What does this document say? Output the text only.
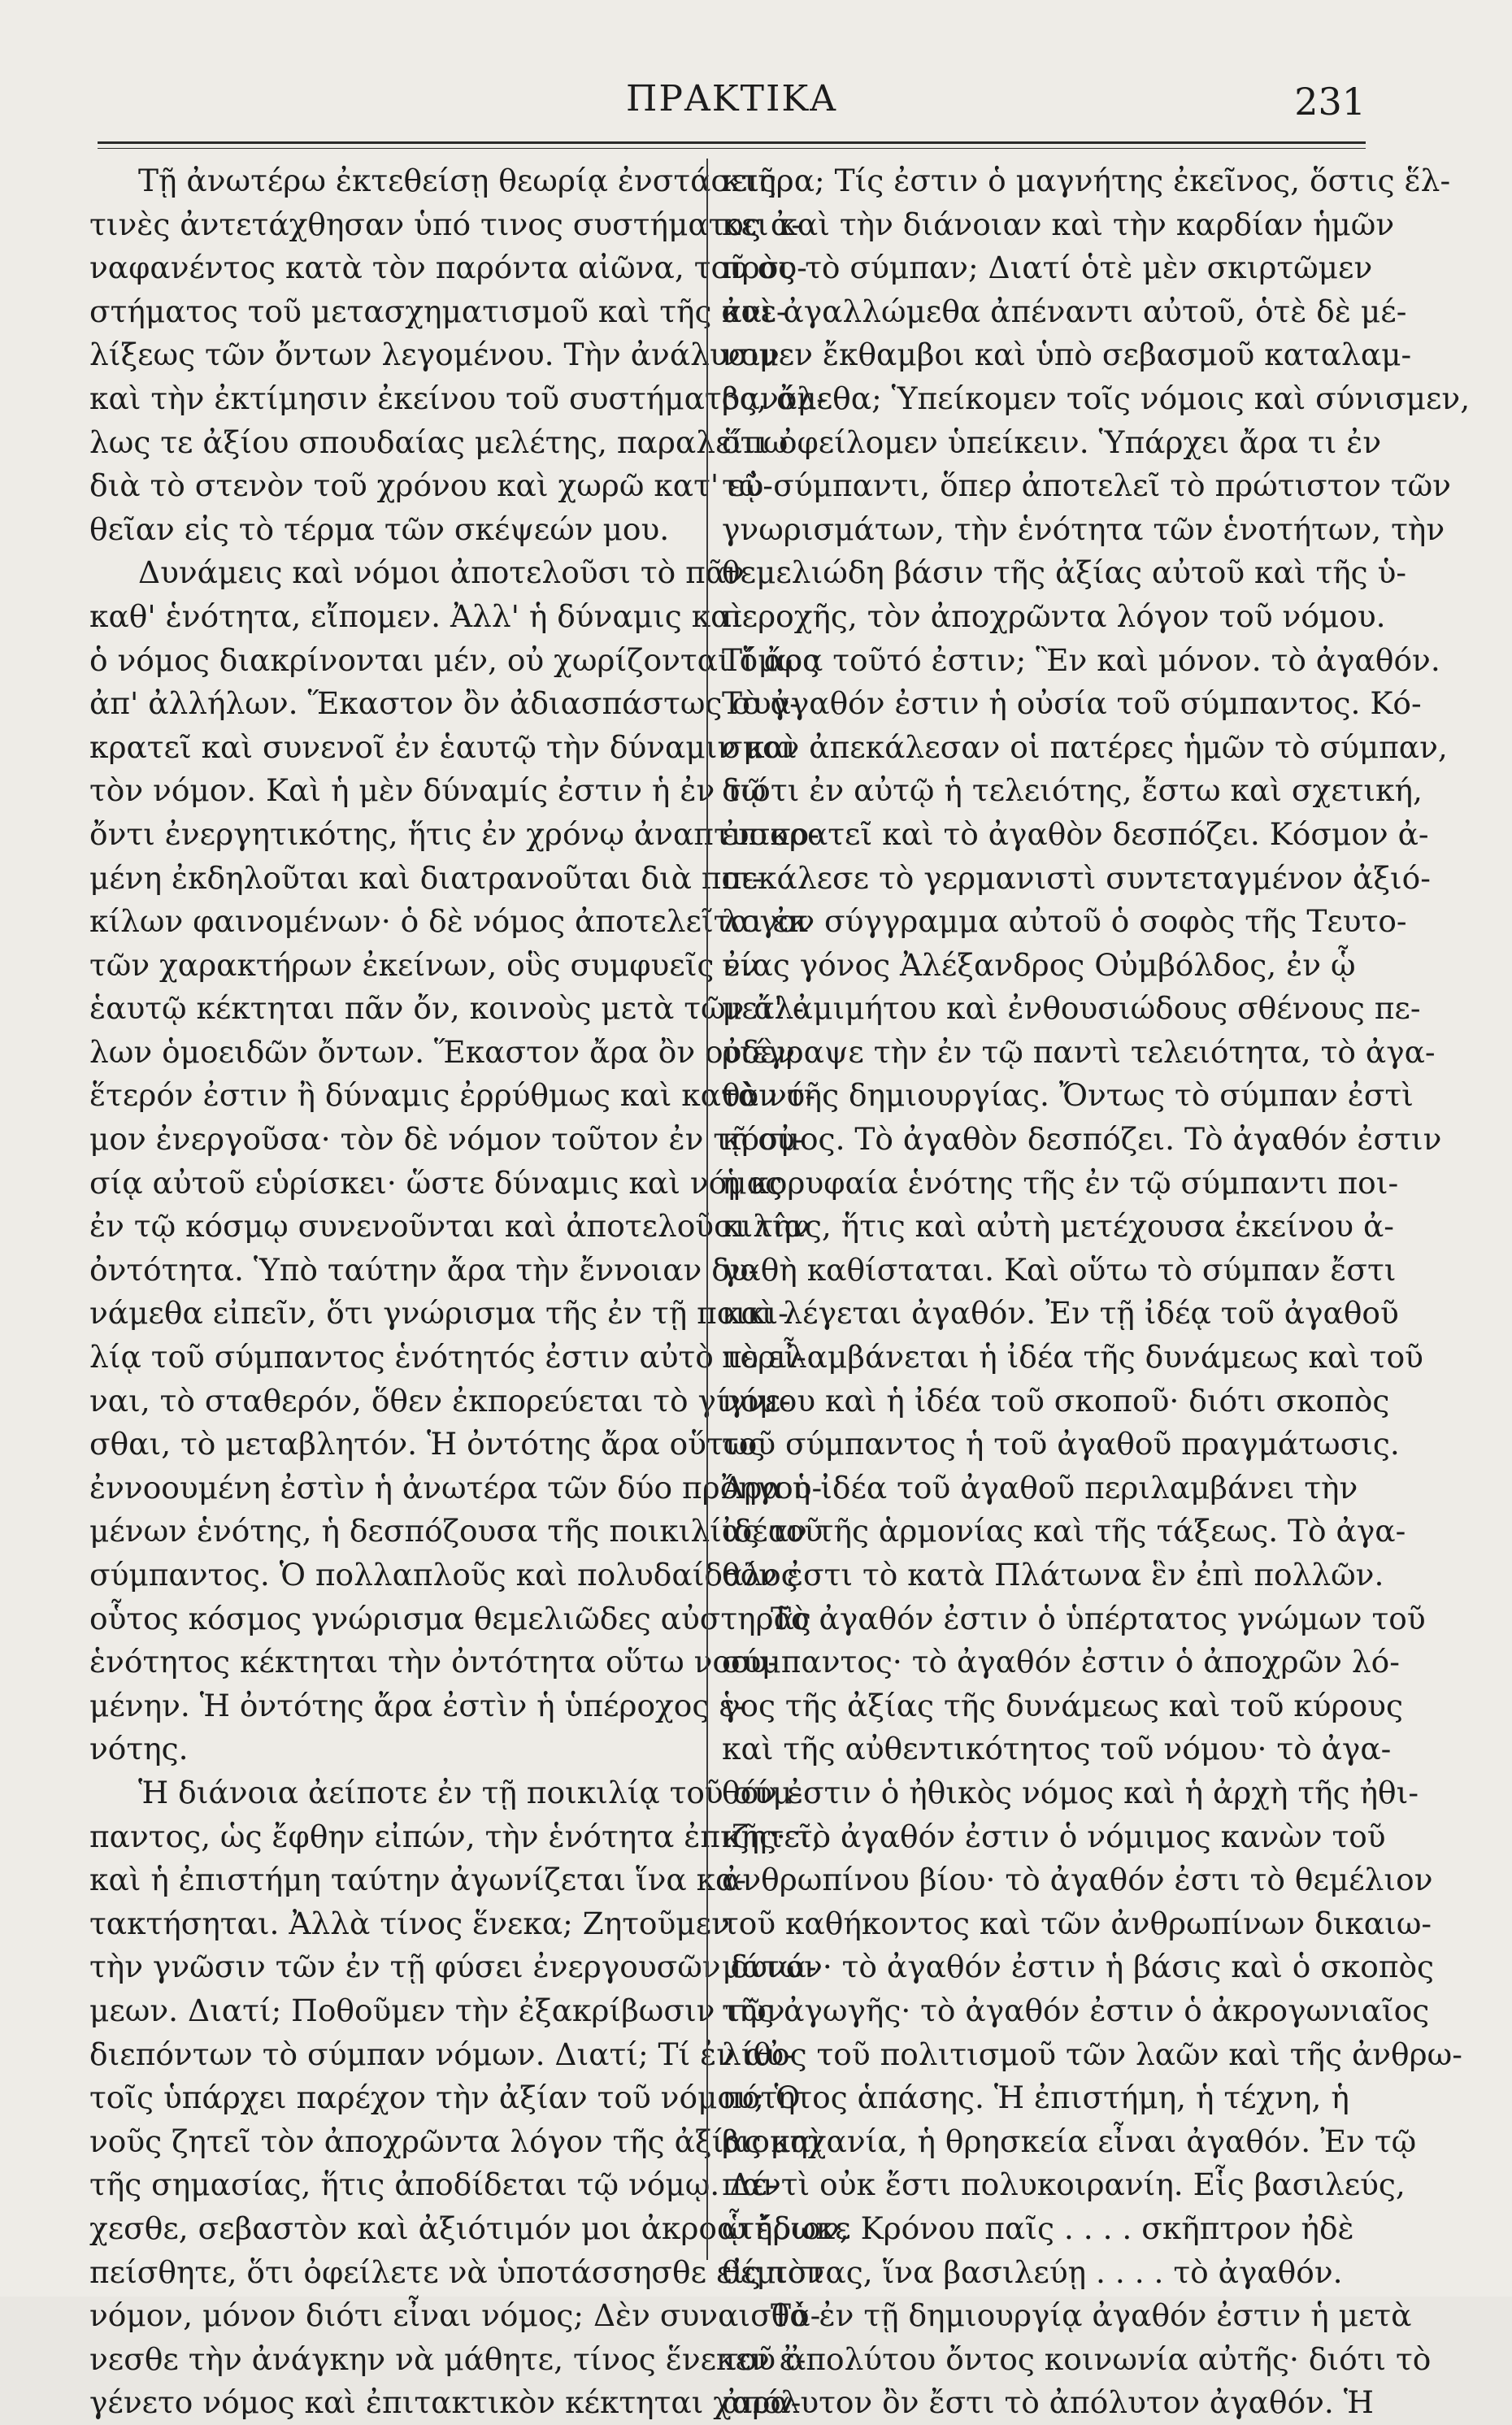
ΠΡΑΚΤΙΚΑ	231
Τῇ ἀνωτέρω ἐκτεθείσῃ θεωρίᾳ ἐνστάσεις
τινὲς ἀντετάχθησαν ὑπό τινος συστήματος ἀ-
ναφανέντος κατὰ τὸν παρόντα αἰῶνα, τοῦ συ-
στήματος τοῦ μετασχηματισμοῦ καὶ τῆς ἀνε-
λίξεως τῶν ὄντων λεγομένου. Τὴν ἀνάλυσιν
καὶ τὴν ἐκτίμησιν ἐκείνου τοῦ συστήματος, ἄλ-
λως τε ἀξίου σπουδαίας μελέτης, παραλείπω
διὰ τὸ στενὸν τοῦ χρόνου καὶ χωρῶ κατ' εὐ-
θεῖαν εἰς τὸ τέρμα τῶν σκέψεών μου.
Δυνάμεις καὶ νόμοι ἀποτελοῦσι τὸ πᾶν
καθ' ἑνότητα, εἴπομεν. Ἀλλ' ἡ δύναμις καὶ
ὁ νόμος διακρίνονται μέν, οὐ χωρίζονται ὅμως
ἀπ' ἀλλήλων. Ἕκαστον ὂν ἀδιασπάστως συγ-
κρατεῖ καὶ συνενοῖ ἐν ἑαυτῷ τὴν δύναμιν καὶ
τὸν νόμον. Καὶ ἡ μὲν δύναμίς ἐστιν ἡ ἐν τῷ
ὄντι ἐνεργητικότης, ἥτις ἐν χρόνῳ ἀναπτυσσο-
μένη ἐκδηλοῦται καὶ διατρανοῦται διὰ ποι-
κίλων φαινομένων· ὁ δὲ νόμος ἀποτελεῖται ἐκ
τῶν χαρακτήρων ἐκείνων, οὓς συμφυεῖς ἐν
ἑαυτῷ κέκτηται πᾶν ὄν, κοινοὺς μετὰ τῶν ἄλ-
λων ὁμοειδῶν ὄντων. Ἕκαστον ἄρα ὂν οὐδὲν
ἕτερόν ἐστιν ἢ δύναμις ἐρρύθμως καὶ κατὰ νό-
μον ἐνεργοῦσα· τὸν δὲ νόμον τοῦτον ἐν τῇ οὐ-
σίᾳ αὐτοῦ εὑρίσκει· ὥστε δύναμις καὶ νόμος
ἐν τῷ κόσμῳ συνενοῦνται καὶ ἀποτελοῦσι τὴν
ὀντότητα. Ὑπὸ ταύτην ἄρα τὴν ἔννοιαν δυ-
νάμεθα εἰπεῖν, ὅτι γνώρισμα τῆς ἐν τῇ ποικι-
λίᾳ τοῦ σύμπαντος ἑνότητός ἐστιν αὐτὸ τὸ εἶ-
ναι, τὸ σταθερόν, ὅθεν ἐκπορεύεται τὸ γίγνε-
σθαι, τὸ μεταβλητόν. Ἡ ὀντότης ἄρα οὕτως
ἐννοουμένη ἐστὶν ἡ ἀνωτέρα τῶν δύο προηγου-
μένων ἑνότης, ἡ δεσπόζουσα τῆς ποικιλίας τοῦ
σύμπαντος. Ὁ πολλαπλοῦς καὶ πολυδαίδαλος
οὗτος κόσμος γνώρισμα θεμελιῶδες αὐστηρᾶς
ἑνότητος κέκτηται τὴν ὀντότητα οὕτω νοου-
μένην. Ἡ ὀντότης ἄρα ἐστὶν ἡ ὑπέροχος ἑ-
νότης.
Ἡ διάνοια ἀείποτε ἐν τῇ ποικιλίᾳ τοῦ σύμ-
παντος, ὡς ἔφθην εἰπών, τὴν ἑνότητα ἐπιζητεῖ,
καὶ ἡ ἐπιστήμη ταύτην ἀγωνίζεται ἵνα κα-
τακτήσηται. Ἀλλὰ τίνος ἕνεκα; Ζητοῦμεν
τὴν γνῶσιν τῶν ἐν τῇ φύσει ἐνεργουσῶν δυνά-
μεων. Διατί; Ποθοῦμεν τὴν ἐξακρίβωσιν τῶν
διεπόντων τὸ σύμπαν νόμων. Διατί; Τί ἐν αὐ-
τοῖς ὑπάρχει παρέχον τὴν ἀξίαν τοῦ νόμου; Ὁ
νοῦς ζητεῖ τὸν ἀποχρῶντα λόγον τῆς ἀξίας καὶ
τῆς σημασίας, ἥτις ἀποδίδεται τῷ νόμῳ. Δέ-
χεσθε, σεβαστὸν καὶ ἀξιότιμόν μοι ἀκροατήριον,
πείσθητε, ὅτι ὀφείλετε νὰ ὑποτάσσησθε εἰς τὸν
νόμον, μόνον διότι εἶναι νόμος; Δὲν συναισθά-
νεσθε τὴν ἀνάγκην νὰ μάθητε, τίνος ἕνεκεν ἐ-
γένετο νόμος καὶ ἐπιτακτικὸν κέκτηται χαρα-
κτῆρα; Τίς ἐστιν ὁ μαγνήτης ἐκεῖνος, ὅστις ἕλ-
κει καὶ τὴν διάνοιαν καὶ τὴν καρδίαν ἡμῶν
πρὸς τὸ σύμπαν; Διατί ὁτὲ μὲν σκιρτῶμεν
καὶ ἀγαλλώμεθα ἀπέναντι αὐτοῦ, ὁτὲ δὲ μέ-
νομεν ἔκθαμβοι καὶ ὑπὸ σεβασμοῦ καταλαμ-
βανόμεθα; Ὑπείκομεν τοῖς νόμοις καὶ σύνισμεν,
ὅτι ὀφείλομεν ὑπείκειν. Ὑπάρχει ἄρα τι ἐν
τῷ σύμπαντι, ὅπερ ἀποτελεῖ τὸ πρώτιστον τῶν
γνωρισμάτων, τὴν ἑνότητα τῶν ἑνοτήτων, τὴν
θεμελιώδη βάσιν τῆς ἀξίας αὐτοῦ καὶ τῆς ὑ-
περοχῆς, τὸν ἀποχρῶντα λόγον τοῦ νόμου.
Τί ἄρα τοῦτό ἐστιν; Ἓν καὶ μόνον. τὸ ἀγαθόν.
Τὸ ἀγαθόν ἐστιν ἡ οὐσία τοῦ σύμπαντος. Κό-
σμον ἀπεκάλεσαν οἱ πατέρες ἡμῶν τὸ σύμπαν,
διότι ἐν αὐτῷ ἡ τελειότης, ἔστω καὶ σχετική,
ἐπικρατεῖ καὶ τὸ ἀγαθὸν δεσπόζει. Κόσμον ἀ-
πεκάλεσε τὸ γερμανιστὶ συντεταγμένον ἀξιό-
λογον σύγγραμμα αὐτοῦ ὁ σοφὸς τῆς Τευτο-
νίας γόνος Ἀλέξανδρος Οὐμβόλδος, ἐν ᾧ
μετ' ἀμιμήτου καὶ ἐνθουσιώδους σθένους πε-
ριέγραψε τὴν ἐν τῷ παντὶ τελειότητα, τὸ ἀγα-
θὸν τῆς δημιουργίας. Ὄντως τὸ σύμπαν ἐστὶ
κόσμος. Τὸ ἀγαθὸν δεσπόζει. Τὸ ἀγαθόν ἐστιν
ἡ κορυφαία ἑνότης τῆς ἐν τῷ σύμπαντι ποι-
κιλίας, ἥτις καὶ αὐτὴ μετέχουσα ἐκείνου ἀ-
γαθὴ καθίσταται. Καὶ οὕτω τὸ σύμπαν ἔστι
καὶ λέγεται ἀγαθόν. Ἐν τῇ ἰδέᾳ τοῦ ἀγαθοῦ
περιλαμβάνεται ἡ ἰδέα τῆς δυνάμεως καὶ τοῦ
νόμου καὶ ἡ ἰδέα τοῦ σκοποῦ· διότι σκοπὸς
τοῦ σύμπαντος ἡ τοῦ ἀγαθοῦ πραγμάτωσις.
Ἄρα ἡ ἰδέα τοῦ ἀγαθοῦ περιλαμβάνει τὴν
ἰδέαν τῆς ἁρμονίας καὶ τῆς τάξεως. Τὸ ἀγα-
θόν ἐστι τὸ κατὰ Πλάτωνα ἓν ἐπὶ πολλῶν.
Τὸ ἀγαθόν ἐστιν ὁ ὑπέρτατος γνώμων τοῦ
σύμπαντος· τὸ ἀγαθόν ἐστιν ὁ ἀποχρῶν λό-
γος τῆς ἀξίας τῆς δυνάμεως καὶ τοῦ κύρους
καὶ τῆς αὐθεντικότητος τοῦ νόμου· τὸ ἀγα-
θόν ἐστιν ὁ ἠθικὸς νόμος καὶ ἡ ἀρχὴ τῆς ἠθι-
κῆς· τὸ ἀγαθόν ἐστιν ὁ νόμιμος κανὼν τοῦ
ἀνθρωπίνου βίου· τὸ ἀγαθόν ἐστι τὸ θεμέλιον
τοῦ καθήκοντος καὶ τῶν ἀνθρωπίνων δικαιω-
μάτων· τὸ ἀγαθόν ἐστιν ἡ βάσις καὶ ὁ σκοπὸς
τῆς ἀγωγῆς· τὸ ἀγαθόν ἐστιν ὁ ἀκρογωνιαῖος
λίθος τοῦ πολιτισμοῦ τῶν λαῶν καὶ τῆς ἀνθρω-
πότητος ἁπάσης. Ἡ ἐπιστήμη, ἡ τέχνη, ἡ
βιομηχανία, ἡ θρησκεία εἶναι ἀγαθόν. Ἐν τῷ
παντὶ οὐκ ἔστι πολυκοιρανίη. Εἷς βασιλεύς,
ᾧ ἔδωκε Κρόνου παῖς . . . . σκῆπτρον ἠδὲ
θέμιστας, ἵνα βασιλεύῃ . . . . τὸ ἀγαθόν.
Τὸ ἐν τῇ δημιουργίᾳ ἀγαθόν ἐστιν ἡ μετὰ
τοῦ ἀπολύτου ὄντος κοινωνία αὐτῆς· διότι τὸ
ἀπόλυτον ὂν ἔστι τὸ ἀπόλυτον ἀγαθόν. Ἡ
